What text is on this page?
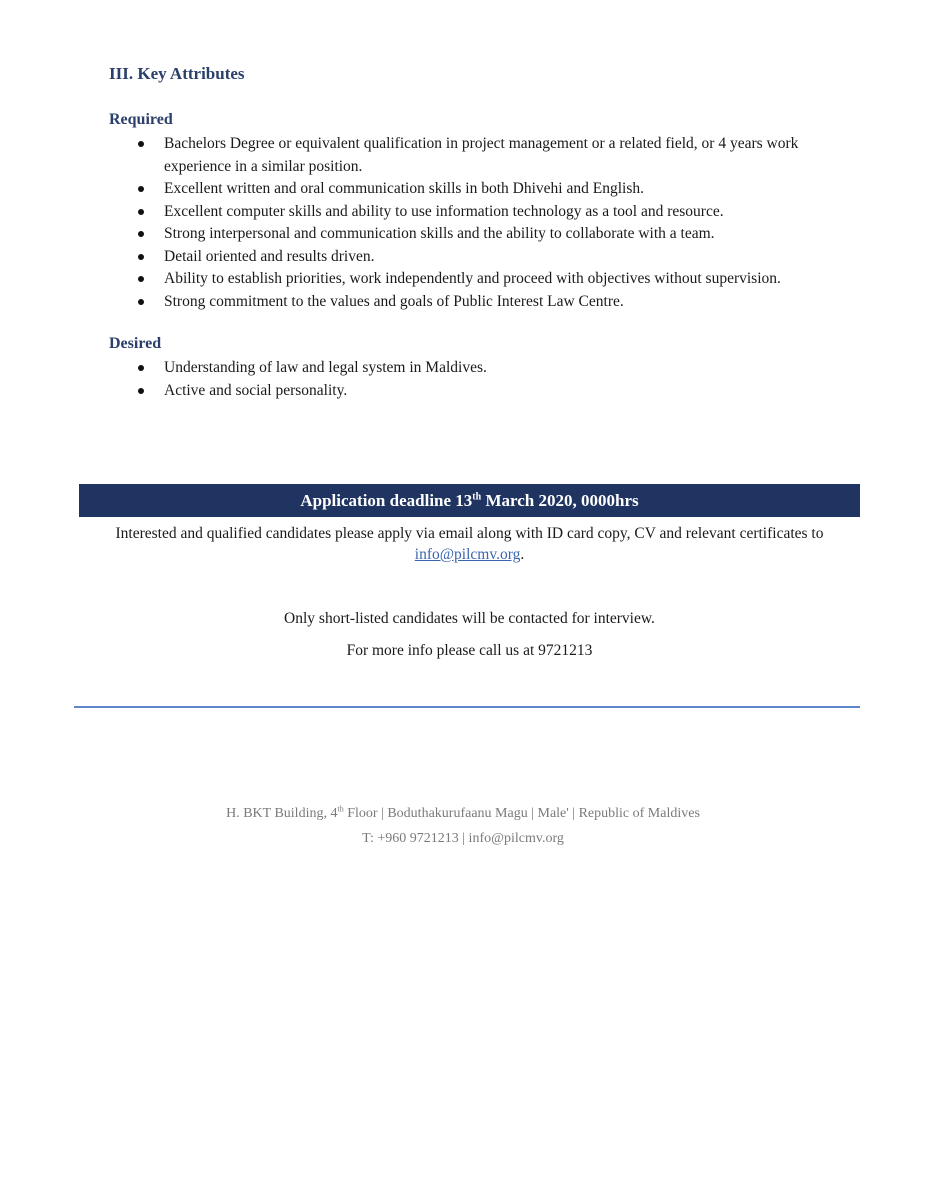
III. Key Attributes
Required
Bachelors Degree or equivalent qualification in project management or a related field, or 4 years work experience in a similar position.
Excellent written and oral communication skills in both Dhivehi and English.
Excellent computer skills and ability to use information technology as a tool and resource.
Strong interpersonal and communication skills and the ability to collaborate with a team.
Detail oriented and results driven.
Ability to establish priorities, work independently and proceed with objectives without supervision.
Strong commitment to the values and goals of Public Interest Law Centre.
Desired
Understanding of law and legal system in Maldives.
Active and social personality.
Application deadline 13th March 2020, 0000hrs
Interested and qualified candidates please apply via email along with ID card copy, CV and relevant certificates to info@pilcmv.org.
Only short-listed candidates will be contacted for interview.
For more info please call us at 9721213
H. BKT Building, 4th Floor | Boduthakurufaanu Magu | Male' | Republic of Maldives
T: +960 9721213 | info@pilcmv.org
